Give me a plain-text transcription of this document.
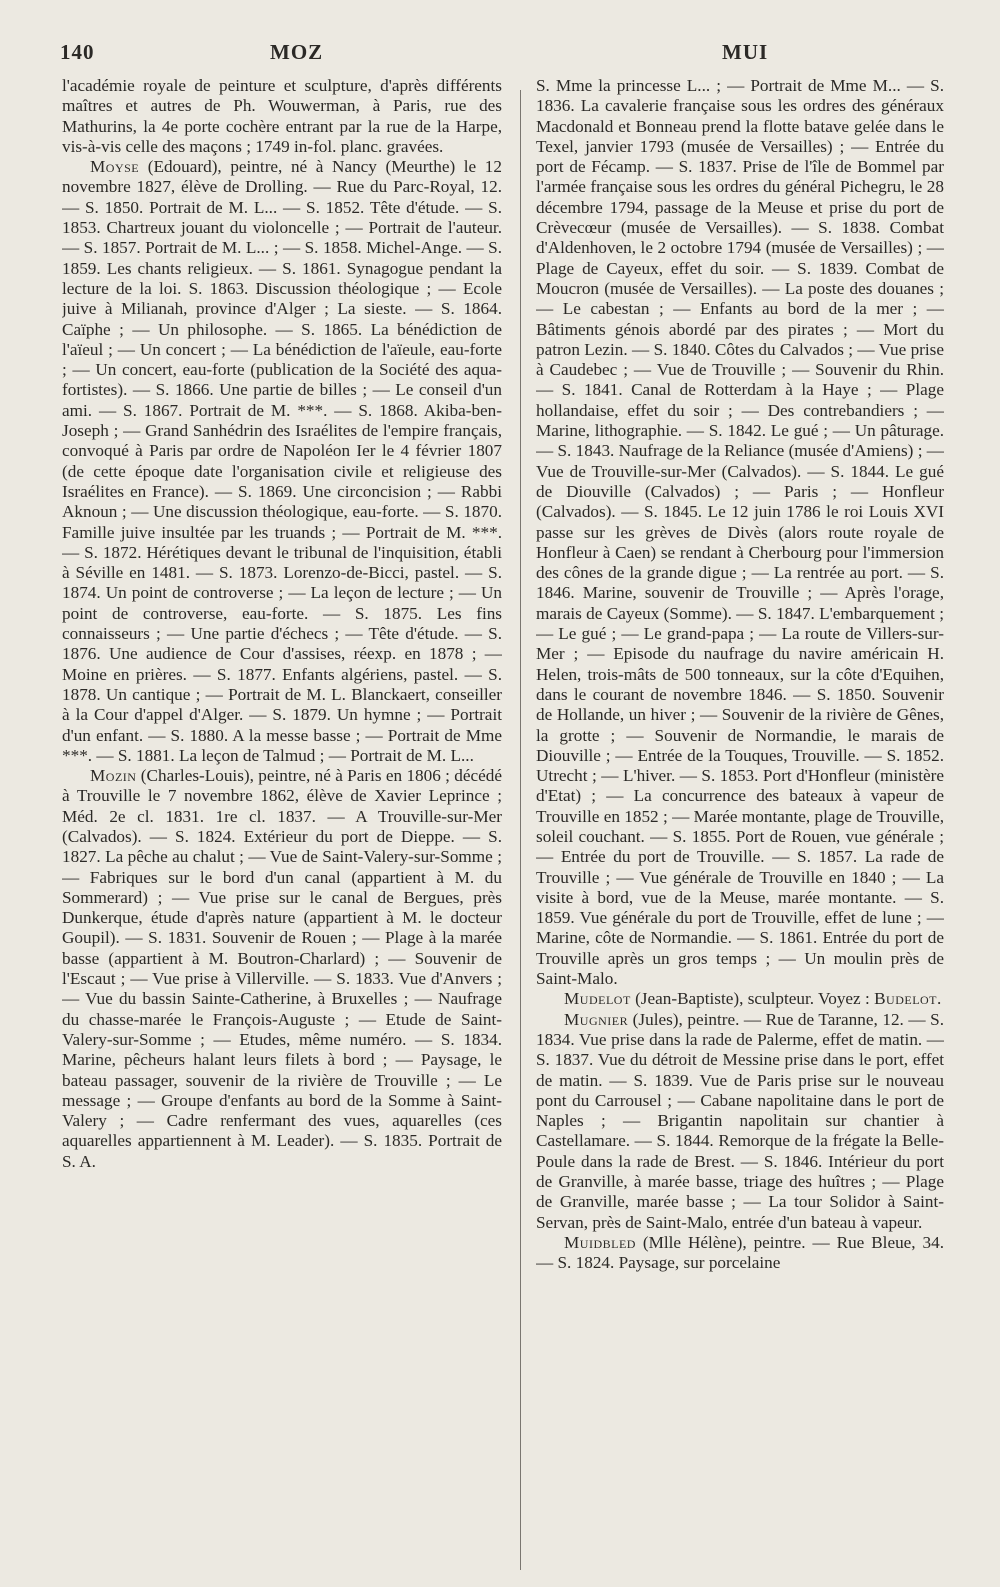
140	MOZ	MUI

l'académie royale de peinture et sculpture, d'après différents maîtres et autres de Ph. Wouwerman, à Paris, rue des Mathurins, la 4e porte cochère entrant par la rue de la Harpe, vis-à-vis celle des maçons ; 1749 in-fol. planc. gravées.

Moyse (Edouard), peintre, né à Nancy (Meurthe) le 12 novembre 1827, élève de Drolling. — Rue du Parc-Royal, 12. — S. 1850. Portrait de M. L... — S. 1852. Tête d'étude. — S. 1853. Chartreux jouant du violoncelle ; — Portrait de l'auteur. — S. 1857. Portrait de M. L... ; — S. 1858. Michel-Ange. — S. 1859. Les chants religieux. — S. 1861. Synagogue pendant la lecture de la loi. S. 1863. Discussion théologique ; — Ecole juive à Milianah, province d'Alger ; La sieste. — S. 1864. Caïphe ; — Un philosophe. — S. 1865. La bénédiction de l'aïeul ; — Un concert ; — La bénédiction de l'aïeule, eau-forte ; — Un concert, eau-forte (publication de la Société des aqua-fortistes). — S. 1866. Une partie de billes ; — Le conseil d'un ami. — S. 1867. Portrait de M. ***. — S. 1868. Akiba-ben-Joseph ; — Grand Sanhédrin des Israélites de l'empire français, convoqué à Paris par ordre de Napoléon Ier le 4 février 1807 (de cette époque date l'organisation civile et religieuse des Israélites en France). — S. 1869. Une circoncision ; — Rabbi Aknoun ; — Une discussion théologique, eau-forte. — S. 1870. Famille juive insultée par les truands ; — Portrait de M. ***. — S. 1872. Hérétiques devant le tribunal de l'inquisition, établi à Séville en 1481. — S. 1873. Lorenzo-de-Bicci, pastel. — S. 1874. Un point de controverse ; — La leçon de lecture ; — Un point de controverse, eau-forte. — S. 1875. Les fins connaisseurs ; — Une partie d'échecs ; — Tête d'étude. — S. 1876. Une audience de Cour d'assises, réexp. en 1878 ; — Moine en prières. — S. 1877. Enfants algériens, pastel. — S. 1878. Un cantique ; — Portrait de M. L. Blanckaert, conseiller à la Cour d'appel d'Alger. — S. 1879. Un hymne ; — Portrait d'un enfant. — S. 1880. A la messe basse ; — Portrait de Mme ***. — S. 1881. La leçon de Talmud ; — Portrait de M. L...

Mozin (Charles-Louis), peintre, né à Paris en 1806 ; décédé à Trouville le 7 novembre 1862, élève de Xavier Leprince ; Méd. 2e cl. 1831. 1re cl. 1837. — A Trouville-sur-Mer (Calvados). — S. 1824. Extérieur du port de Dieppe. — S. 1827. La pêche au chalut ; — Vue de Saint-Valery-sur-Somme ; — Fabriques sur le bord d'un canal (appartient à M. du Sommerard) ; — Vue prise sur le canal de Bergues, près Dunkerque, étude d'après nature (appartient à M. le docteur Goupil). — S. 1831. Souvenir de Rouen ; — Plage à la marée basse (appartient à M. Boutron-Charlard) ; — Souvenir de l'Escaut ; — Vue prise à Villerville. — S. 1833. Vue d'Anvers ; — Vue du bassin Sainte-Catherine, à Bruxelles ; — Naufrage du chasse-marée le François-Auguste ; — Etude de Saint-Valery-sur-Somme ; — Etudes, même numéro. — S. 1834. Marine, pêcheurs halant leurs filets à bord ; — Paysage, le bateau passager, souvenir de la rivière de Trouville ; — Le message ; — Groupe d'enfants au bord de la Somme à Saint-Valery ; — Cadre renfermant des vues, aquarelles (ces aquarelles appartiennent à M. Leader). — S. 1835. Portrait de S. A.

S. Mme la princesse L... ; — Portrait de Mme M... — S. 1836. La cavalerie française sous les ordres des généraux Macdonald et Bonneau prend la flotte batave gelée dans le Texel, janvier 1793 (musée de Versailles) ; — Entrée du port de Fécamp. — S. 1837. Prise de l'île de Bommel par l'armée française sous les ordres du général Pichegru, le 28 décembre 1794, passage de la Meuse et prise du port de Crèvecœur (musée de Versailles). — S. 1838. Combat d'Aldenhoven, le 2 octobre 1794 (musée de Versailles) ; — Plage de Cayeux, effet du soir. — S. 1839. Combat de Moucron (musée de Versailles). — La poste des douanes ; — Le cabestan ; — Enfants au bord de la mer ; — Bâtiments génois abordé par des pirates ; — Mort du patron Lezin. — S. 1840. Côtes du Calvados ; — Vue prise à Caudebec ; — Vue de Trouville ; — Souvenir du Rhin. — S. 1841. Canal de Rotterdam à la Haye ; — Plage hollandaise, effet du soir ; — Des contrebandiers ; — Marine, lithographie. — S. 1842. Le gué ; — Un pâturage. — S. 1843. Naufrage de la Reliance (musée d'Amiens) ; — Vue de Trouville-sur-Mer (Calvados). — S. 1844. Le gué de Diouville (Calvados) ; — Paris ; — Honfleur (Calvados). — S. 1845. Le 12 juin 1786 le roi Louis XVI passe sur les grèves de Divès (alors route royale de Honfleur à Caen) se rendant à Cherbourg pour l'immersion des cônes de la grande digue ; — La rentrée au port. — S. 1846. Marine, souvenir de Trouville ; — Après l'orage, marais de Cayeux (Somme). — S. 1847. L'embarquement ; — Le gué ; — Le grand-papa ; — La route de Villers-sur-Mer ; — Episode du naufrage du navire américain H. Helen, trois-mâts de 500 tonneaux, sur la côte d'Equihen, dans le courant de novembre 1846. — S. 1850. Souvenir de Hollande, un hiver ; — Souvenir de la rivière de Gênes, la grotte ; — Souvenir de Normandie, le marais de Diouville ; — Entrée de la Touques, Trouville. — S. 1852. Utrecht ; — L'hiver. — S. 1853. Port d'Honfleur (ministère d'Etat) ; — La concurrence des bateaux à vapeur de Trouville en 1852 ; — Marée montante, plage de Trouville, soleil couchant. — S. 1855. Port de Rouen, vue générale ; — Entrée du port de Trouville. — S. 1857. La rade de Trouville ; — Vue générale de Trouville en 1840 ; — La visite à bord, vue de la Meuse, marée montante. — S. 1859. Vue générale du port de Trouville, effet de lune ; — Marine, côte de Normandie. — S. 1861. Entrée du port de Trouville après un gros temps ; — Un moulin près de Saint-Malo.

Mudelot (Jean-Baptiste), sculpteur. Voyez : Budelot.

Mugnier (Jules), peintre. — Rue de Taranne, 12. — S. 1834. Vue prise dans la rade de Palerme, effet de matin. — S. 1837. Vue du détroit de Messine prise dans le port, effet de matin. — S. 1839. Vue de Paris prise sur le nouveau pont du Carrousel ; — Cabane napolitaine dans le port de Naples ; — Brigantin napolitain sur chantier à Castellamare. — S. 1844. Remorque de la frégate la Belle-Poule dans la rade de Brest. — S. 1846. Intérieur du port de Granville, à marée basse, triage des huîtres ; — Plage de Granville, marée basse ; — La tour Solidor à Saint-Servan, près de Saint-Malo, entrée d'un bateau à vapeur.

Muidbled (Mlle Hélène), peintre. — Rue Bleue, 34. — S. 1824. Paysage, sur porcelaine
